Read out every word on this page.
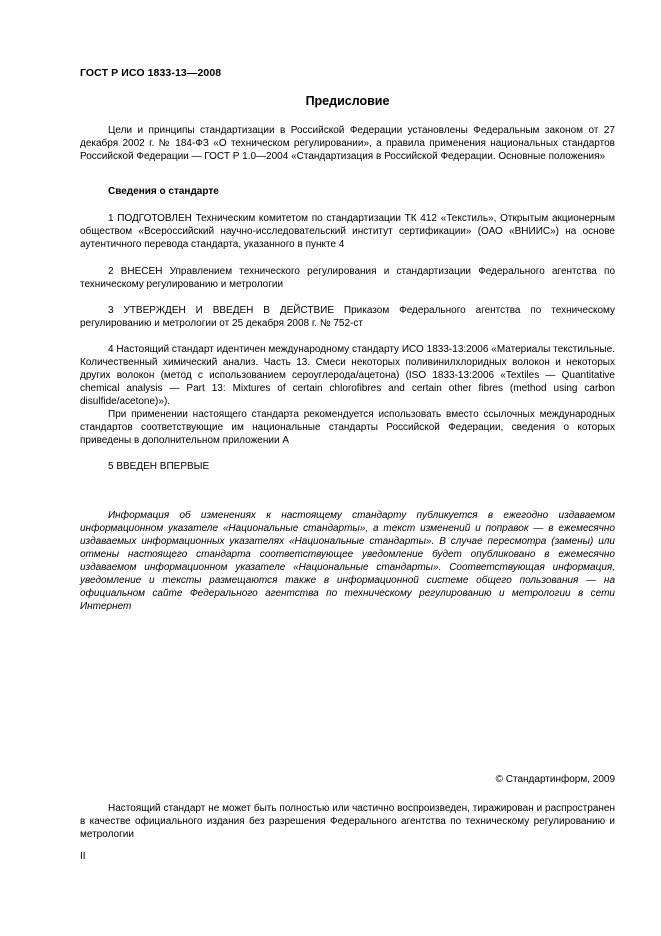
ГОСТ Р ИСО 1833-13—2008
Предисловие
Цели и принципы стандартизации в Российской Федерации установлены Федеральным законом от 27 декабря 2002 г. № 184-ФЗ «О техническом регулировании», а правила применения национальных стандартов Российской Федерации — ГОСТ Р 1.0—2004 «Стандартизация в Российской Федерации. Основные положения»
Сведения о стандарте
1 ПОДГОТОВЛЕН Техническим комитетом по стандартизации ТК 412 «Текстиль», Открытым акционерным обществом «Всероссийский научно-исследовательский институт сертификации» (ОАО «ВНИИС») на основе аутентичного перевода стандарта, указанного в пункте 4
2 ВНЕСЕН Управлением технического регулирования и стандартизации Федерального агентства по техническому регулированию и метрологии
3 УТВЕРЖДЕН И ВВЕДЕН В ДЕЙСТВИЕ Приказом Федерального агентства по техническому регулированию и метрологии от 25 декабря 2008 г. № 752-ст
4 Настоящий стандарт идентичен международному стандарту ИСО 1833-13:2006 «Материалы текстильные. Количественный химический анализ. Часть 13. Смеси некоторых поливинилхлоридных волокон и некоторых других волокон (метод с использованием сероуглерода/ацетона) (ISO 1833-13:2006 «Textiles — Quantitative chemical analysis — Part 13: Mixtures of certain chlorofibres and certain other fibres (method using carbon disulfide/acetone)»).
При применении настоящего стандарта рекомендуется использовать вместо ссылочных международных стандартов соответствующие им национальные стандарты Российской Федерации, сведения о которых приведены в дополнительном приложении А
5 ВВЕДЕН ВПЕРВЫЕ
Информация об изменениях к настоящему стандарту публикуется в ежегодно издаваемом информационном указателе «Национальные стандарты», а текст изменений и поправок — в ежемесячно издаваемых информационных указателях «Национальные стандарты». В случае пересмотра (замены) или отмены настоящего стандарта соответствующее уведомление будет опубликовано в ежемесячно издаваемом информационном указателе «Национальные стандарты». Соответствующая информация, уведомление и тексты размещаются также в информационной системе общего пользования — на официальном сайте Федерального агентства по техническому регулированию и метрологии в сети Интернет
© Стандартинформ, 2009
Настоящий стандарт не может быть полностью или частично воспроизведен, тиражирован и распространен в качестве официального издания без разрешения Федерального агентства по техническому регулированию и метрологии
II
